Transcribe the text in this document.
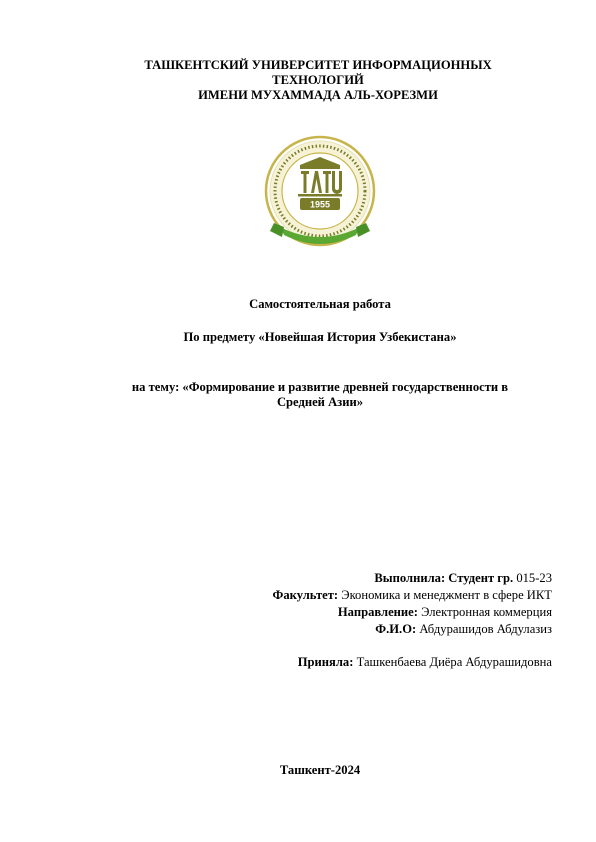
ТАШКЕНТСКИЙ УНИВЕРСИТЕТ ИНФОРМАЦИОННЫХ
ТЕХНОЛОГИЙ
ИМЕНИ МУХАММАДА АЛЬ-ХОРЕЗМИ
1955
Самостоятельная работа
По предмету «Новейшая История Узбекистана»
на тему: «Формирование и развитие древней государственности в
Средней Азии»
Выполнила: Студент гр. 015-23
Факультет: Экономика и менеджмент в сфере ИКТ
Направление: Электронная коммерция
Ф.И.О: Абдурашидов Абдулазиз
Приняла: Ташкенбаева Диёра Абдурашидовна
Ташкент-2024
